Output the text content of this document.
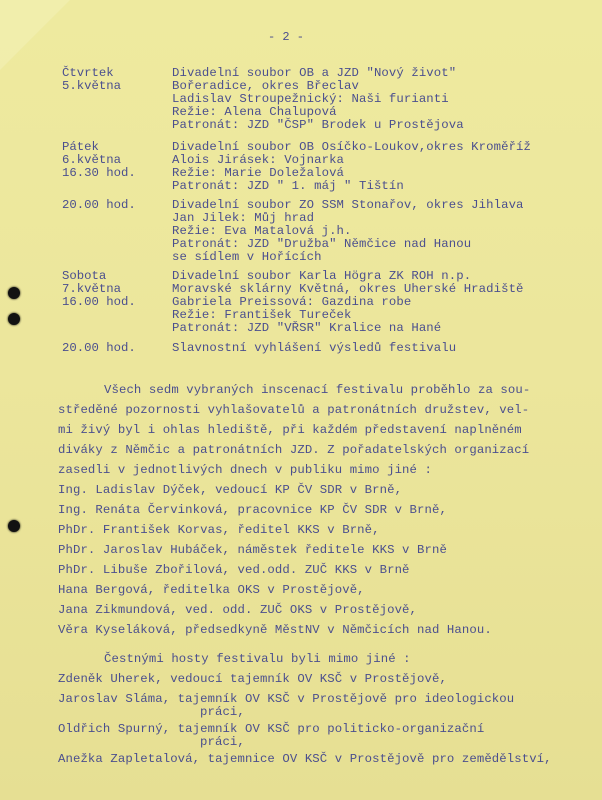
- 2 -
Čtvrtek
5.května
Divadelní soubor OB a JZD "Nový život"
Bořeradice, okres Břeclav
Ladislav Stroupežnický: Naši furianti
Režie: Alena Chalupová
Patronát: JZD "ČSP" Brodek u Prostějova
Pátek
6.května
16.30 hod.
Divadelní soubor OB Osíčko-Loukov,okres Kroměříž
Alois Jirásek: Vojnarka
Režie: Marie Doležalová
Patronát: JZD " 1. máj " Tištín
20.00 hod.	Divadelní soubor ZO SSM Stonařov, okres Jihlava
Jan Jilek: Můj hrad
Režie: Eva Matalová j.h.
Patronát: JZD "Družba" Němčice nad Hanou
se sídlem v Hořících
Sobota
7.května
16.00 hod.
Divadelní soubor Karla Högra ZK ROH n.p.
Moravské sklárny Květná, okres Uherské Hradiště
Gabriela Preissová: Gazdina robe
Režie: František Tureček
Patronát: JZD "VŘSR" Kralice na Hané
20.00 hod.	Slavnostní vyhlášení výsledů festivalu
Všech sedm vybraných inscenací festivalu proběhlo za sou-
středěné pozornosti vyhlašovatelů a patronátních družstev, vel-
mi živý byl i ohlas hlediště, při každém představení naplněném
diváky z Němčic a patronátních JZD. Z pořadatelských organizací
zasedli v jednotlivých dnech v publiku mimo jiné :
Ing. Ladislav Dýček, vedoucí KP ČV SDR v Brně,
Ing. Renáta Červinková, pracovnice KP ČV SDR v Brně,
PhDr. František Korvas, ředitel KKS v Brně,
PhDr. Jaroslav Hubáček, náměstek ředitele KKS v Brně
PhDr. Libuše Zbořilová, ved.odd. ZUČ KKS v Brně
Hana Bergová, ředitelka OKS v Prostějově,
Jana Zikmundová, ved. odd. ZUČ OKS v Prostějově,
Věra Kyseláková, předsedkyně MěstNV v Němčicích nad Hanou.
Čestnými hosty festivalu byli mimo jiné :
Zdeněk Uherek, vedoucí tajemník OV KSČ v Prostějově,
Jaroslav Sláma, tajemník OV KSČ v Prostějově pro ideologickou
práci,
Oldřich Spurný, tajemník OV KSČ pro politicko-organizační
práci,
Anežka Zapletalová, tajemnice OV KSČ v Prostějově pro zemědělství,
